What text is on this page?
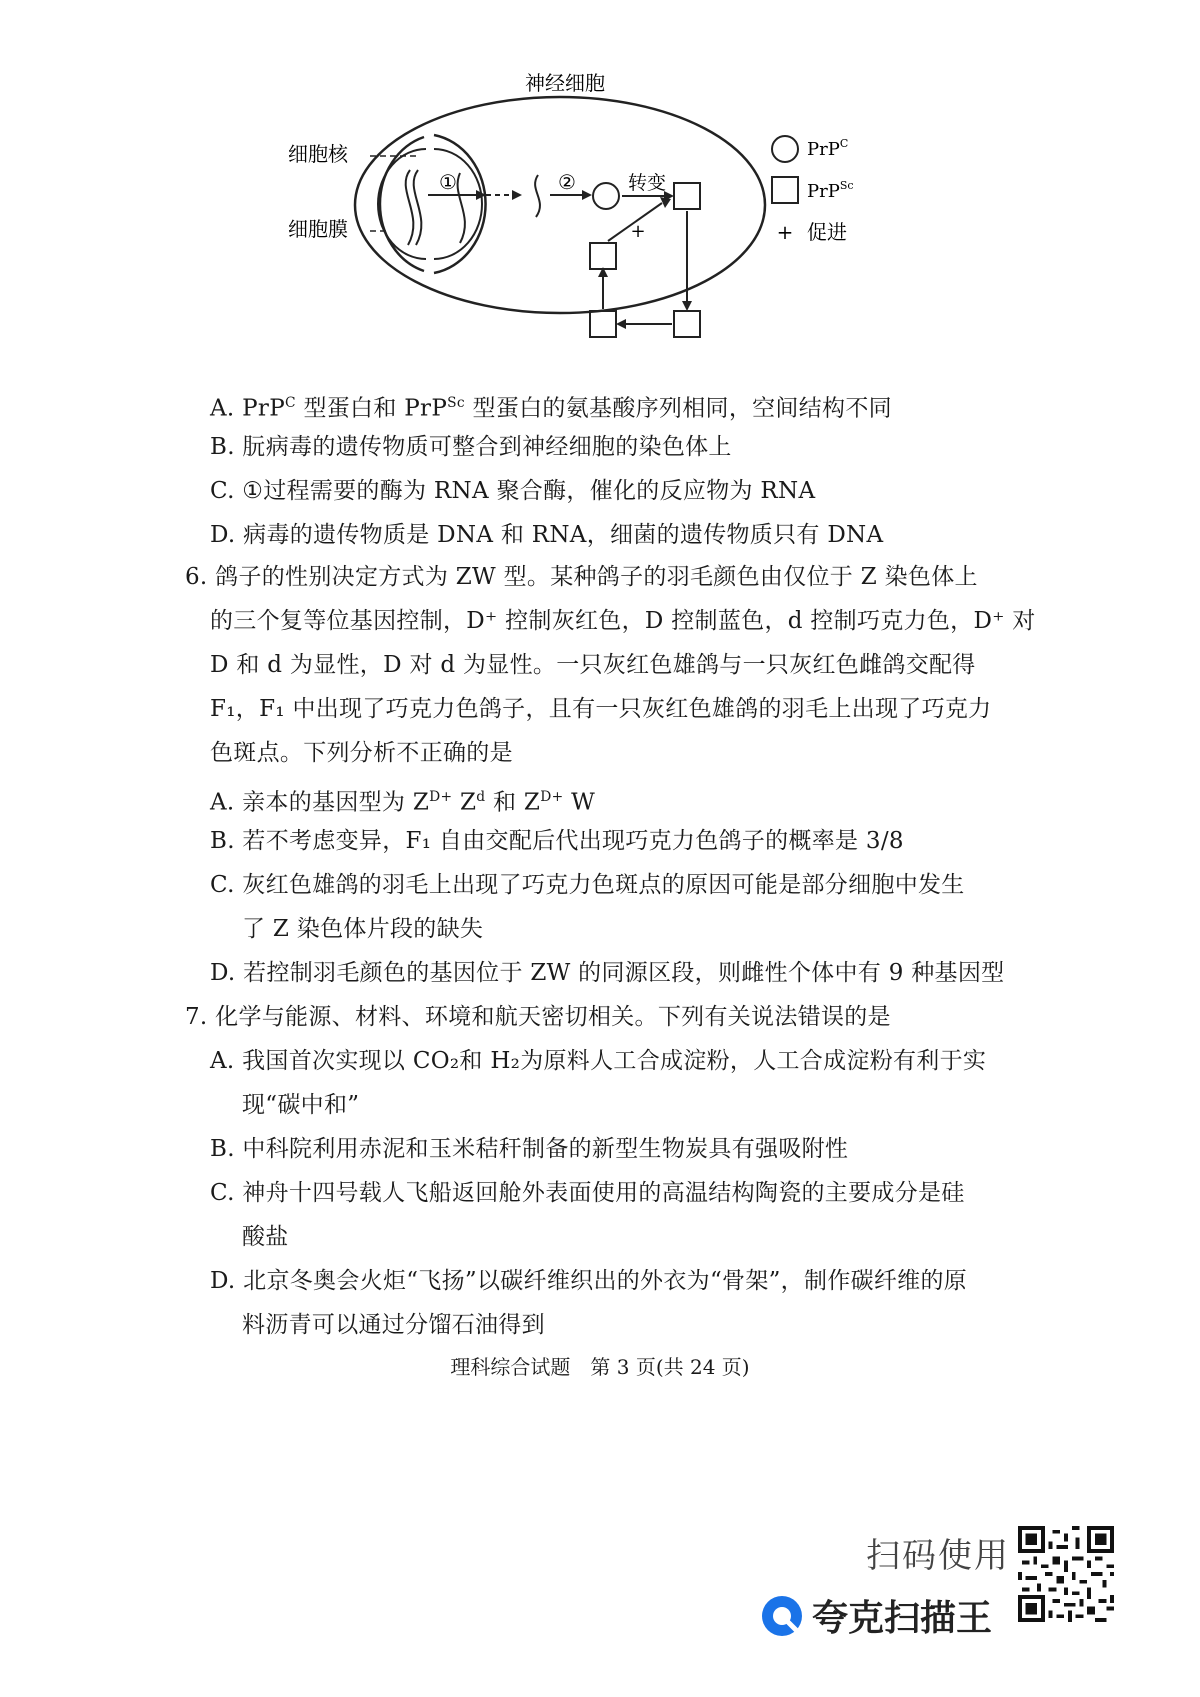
神经细胞
①	②	转变
+
细胞核
细胞膜
PrP$^C$
PrP$^{Sc}$
+ 促进
A. PrP$^C$ 型蛋白和 PrP$^{Sc}$ 型蛋白的氨基酸序列相同，空间结构不同
B. 朊病毒的遗传物质可整合到神经细胞的染色体上
C. ①过程需要的酶为 RNA 聚合酶，催化的反应物为 RNA
D. 病毒的遗传物质是 DNA 和 RNA，细菌的遗传物质只有 DNA
6. 鸽子的性别决定方式为 ZW 型。某种鸽子的羽毛颜色由仅位于 Z 染色体上
的三个复等位基因控制，D⁺ 控制灰红色，D 控制蓝色，d 控制巧克力色，D⁺ 对
D 和 d 为显性，D 对 d 为显性。一只灰红色雄鸽与一只灰红色雌鸽交配得
F₁，F₁ 中出现了巧克力色鸽子，且有一只灰红色雄鸽的羽毛上出现了巧克力
色斑点。下列分析不正确的是
A. 亲本的基因型为 $Z^{D+}$ $Z^d$ 和 $Z^{D+}$ W
B. 若不考虑变异，F₁ 自由交配后代出现巧克力色鸽子的概率是 3/8
C. 灰红色雄鸽的羽毛上出现了巧克力色斑点的原因可能是部分细胞中发生
了 Z 染色体片段的缺失
D. 若控制羽毛颜色的基因位于 ZW 的同源区段，则雌性个体中有 9 种基因型
7. 化学与能源、材料、环境和航天密切相关。下列有关说法错误的是
A. 我国首次实现以 CO₂和 H₂为原料人工合成淀粉，人工合成淀粉有利于实
现“碳中和”
B. 中科院利用赤泥和玉米秸秆制备的新型生物炭具有强吸附性
C. 神舟十四号载人飞船返回舱外表面使用的高温结构陶瓷的主要成分是硅
酸盐
D. 北京冬奥会火炬“飞扬”以碳纤维织出的外衣为“骨架”，制作碳纤维的原
料沥青可以通过分馏石油得到
理科综合试题　第 3 页(共 24 页)
扫码使用
夸克扫描王
